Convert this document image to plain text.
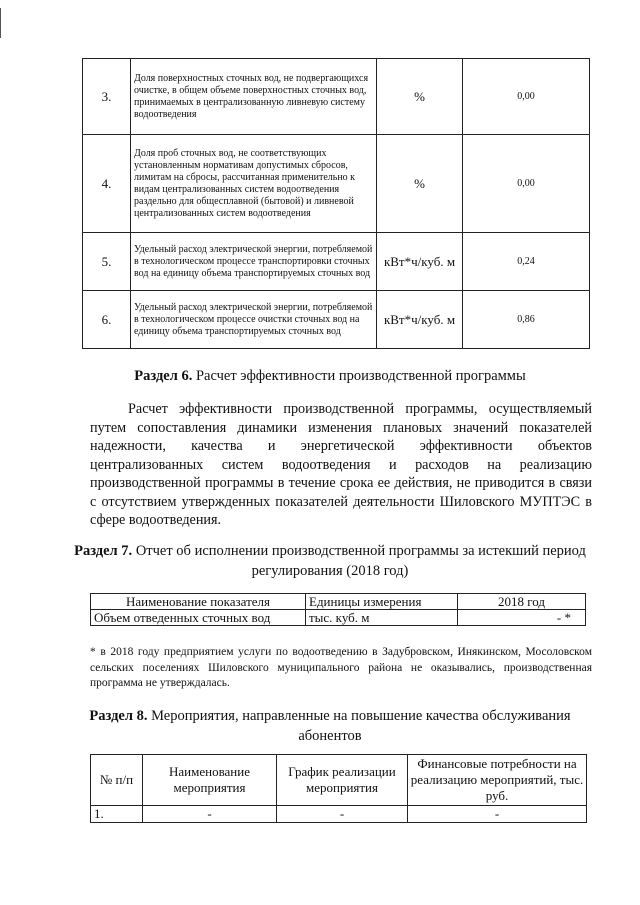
3.	Доля поверхностных сточных вод, не подвергающихся очистке, в общем объеме поверхностных сточных вод, принимаемых в централизованную ливневую систему водоотведения	%	0,00
4.	Доля проб сточных вод, не соответствующих установленным нормативам допустимых сбросов, лимитам на сбросы, рассчитанная применительно к видам централизованных систем водоотведения раздельно для общесплавной (бытовой) и ливневой централизованных систем водоотведения	%	0,00
5.	Удельный расход электрической энергии, потребляемой в технологическом процессе транспортировки сточных вод на единицу объема транспортируемых сточных вод	кВт*ч/куб. м	0,24
6.	Удельный расход электрической энергии, потребляемой в технологическом процессе очистки сточных вод на единицу объема транспортируемых сточных вод	кВт*ч/куб. м	0,86
Раздел 6. Расчет эффективности производственной программы
Расчет эффективности производственной программы, осуществляемый путем сопоставления динамики изменения плановых значений показателей надежности, качества и энергетической эффективности объектов централизованных систем водоотведения и расходов на реализацию производственной программы в течение срока ее действия, не приводится в связи с отсутствием утвержденных показателей деятельности Шиловского МУПТЭС в сфере водоотведения.
Раздел 7. Отчет об исполнении производственной программы за истекший период регулирования (2018 год)
Наименование показателя	Единицы измерения	2018 год
Объем отведенных сточных вод	тыс. куб. м	- *
* в 2018 году предприятием услуги по водоотведению в Задубровском, Инякинском, Мосоловском сельских поселениях Шиловского муниципального района не оказывались, производственная программа не утверждалась.
Раздел 8. Мероприятия, направленные на повышение качества обслуживания абонентов
№ п/п	Наименование мероприятия	График реализации мероприятия	Финансовые потребности на реализацию мероприятий, тыс. руб.
1.	-	-	-
